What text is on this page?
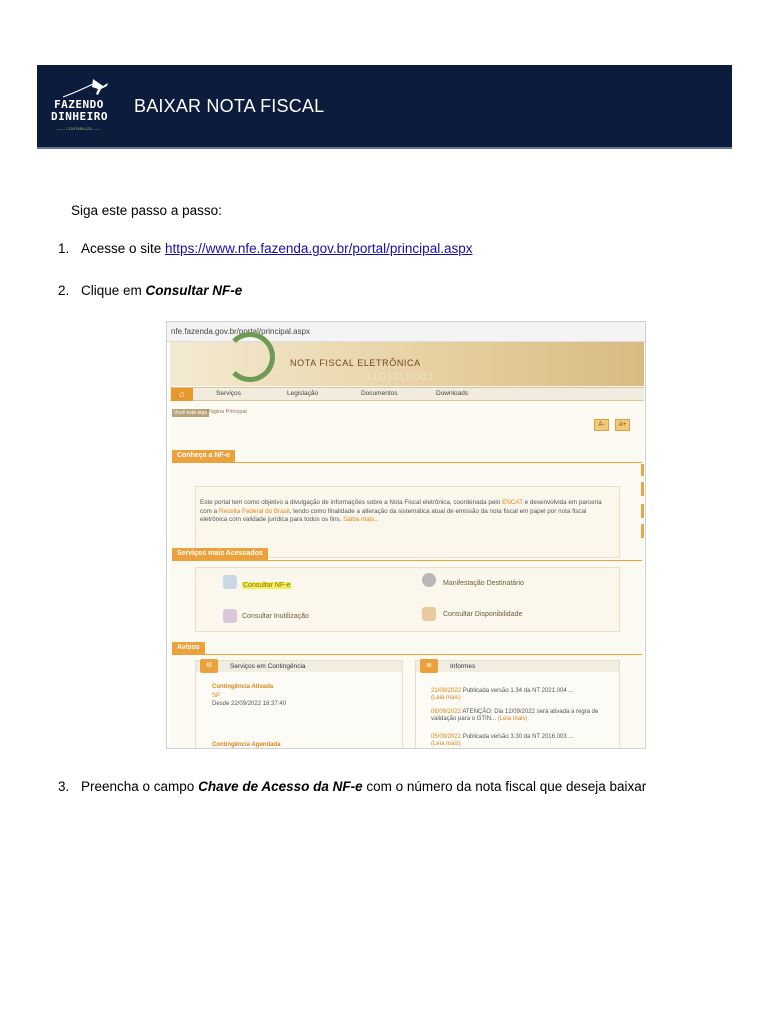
FAZENDO
DINHEIRO
—— CONTABILIZA ——
BAIXAR NOTA FISCAL
Siga este passo a passo:
1. Acesse o site https://www.nfe.fazenda.gov.br/portal/principal.aspx
2. Clique em Consultar NF-e
nfe.fazenda.gov.br/portal/principal.aspx
NOTA FISCAL ELETRÔNICA
0101110001
⌂	Serviços	Legislação	Documentos	Downloads
Você está aqui Página Principal
A-	A+
Conheça a NF-e
Este portal tem como objetivo a divulgação de informações sobre a Nota Fiscal eletrônica, coordenada pelo ENCAT e desenvolvida em parceria com a Receita Federal do Brasil, tendo como finalidade a alteração da sistemática atual de emissão da nota fiscal em papel por nota fiscal eletrônica com validade jurídica para todos os fins. Saiba mais...
Serviços mais Acessados
Consultar NF-e
Consultar Inutilização
Manifestação Destinatário
Consultar Disponibilidade
Avisos
Serviços em Contingência
⚙
Contingência Ativada
SP
Desde 22/09/2022 18:37:40
Contingência Agendada
Informes
≣
21/09/2022 Publicada versão 1.34 da NT 2021.004 ...
(Leia mais)
08/09/2022 ATENÇÃO: Dia 12/09/2022 será ativada a regra de validação para o GTIN... (Leia mais)
05/09/2022 Publicada versão 3.30 da NT 2016.003 ...
(Leia mais)
3. Preencha o campo Chave de Acesso da NF-e com o número da nota fiscal que deseja baixar
